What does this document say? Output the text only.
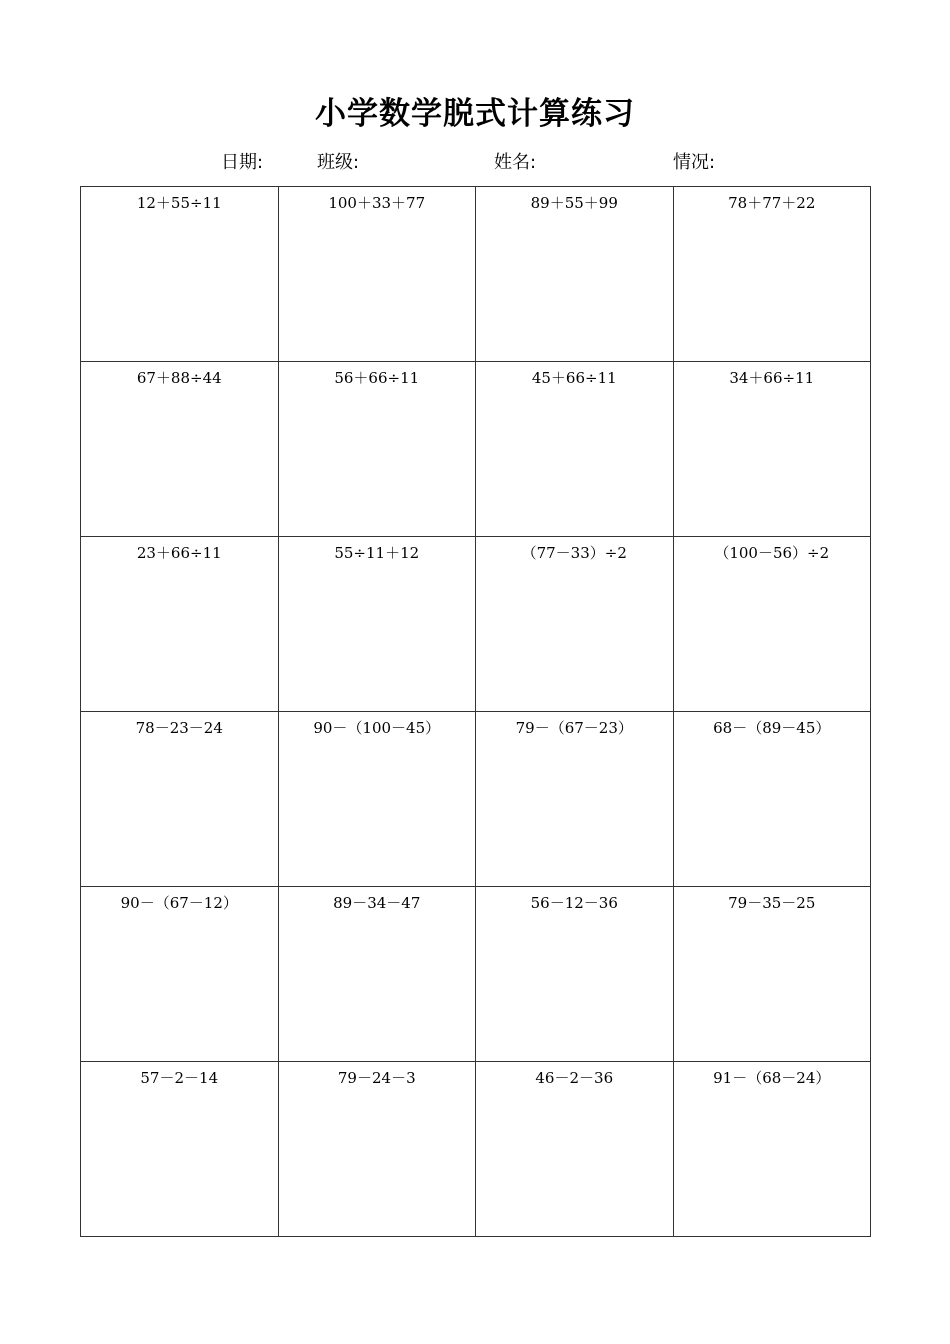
小学数学脱式计算练习
日期:	班级:	姓名:	情况:
12＋55÷11	100＋33＋77	89＋55＋99	78＋77＋22
67＋88÷44	56＋66÷11	45＋66÷11	34＋66÷11
23＋66÷11	55÷11＋12	（77－33）÷2	（100－56）÷2
78－23－24	90－（100－45）	79－（67－23）	68－（89－45）
90－（67－12）	89－34－47	56－12－36	79－35－25
57－2－14	79－24－3	46－2－36	91－（68－24）
